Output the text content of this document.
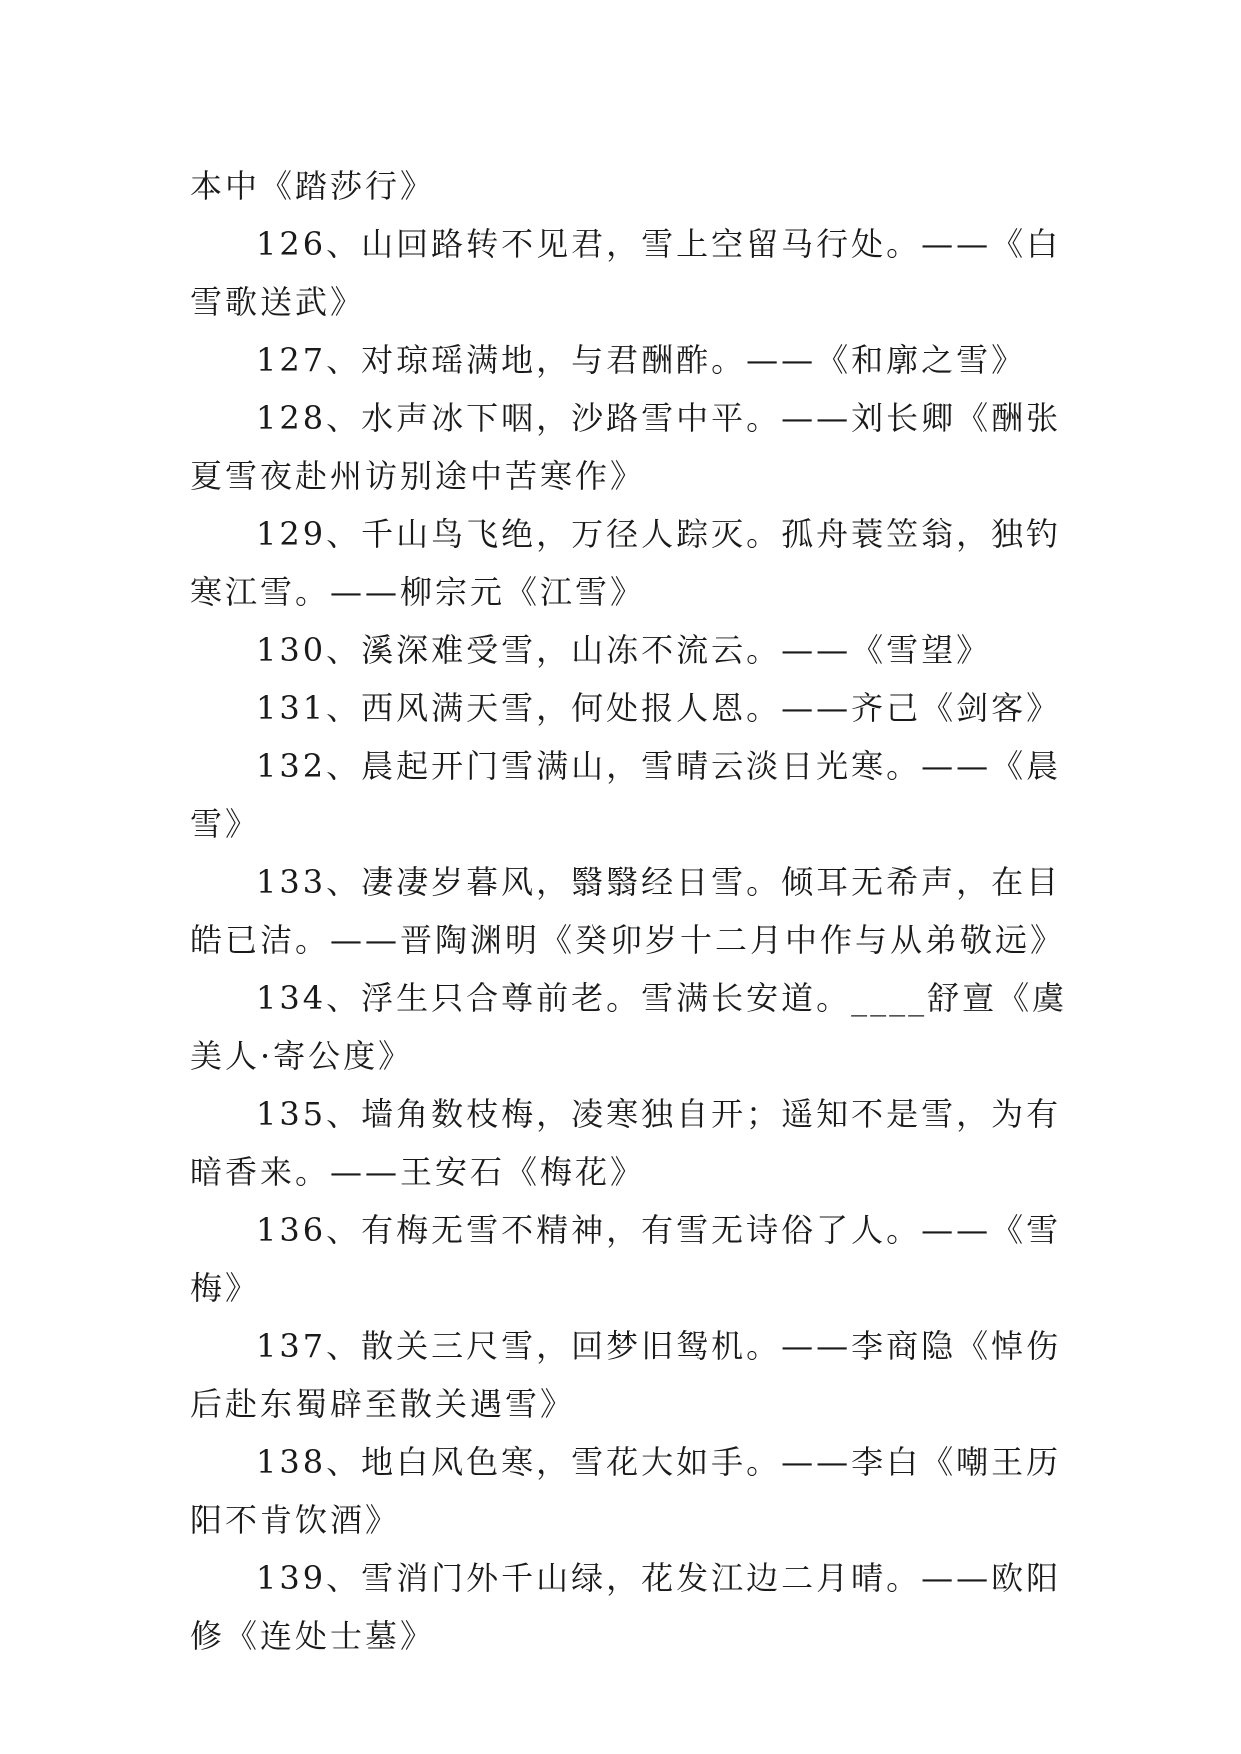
本中《踏莎行》

126、山回路转不见君，雪上空留马行处。——《白雪歌送武》

127、对琼瑶满地，与君酬酢。——《和廓之雪》

128、水声冰下咽，沙路雪中平。——刘长卿《酬张夏雪夜赴州访别途中苦寒作》

129、千山鸟飞绝，万径人踪灭。孤舟蓑笠翁，独钓寒江雪。——柳宗元《江雪》

130、溪深难受雪，山冻不流云。——《雪望》

131、西风满天雪，何处报人恩。——齐己《剑客》

132、晨起开门雪满山，雪晴云淡日光寒。——《晨雪》

133、凄凄岁暮风，翳翳经日雪。倾耳无希声，在目皓已洁。——晋陶渊明《癸卯岁十二月中作与从弟敬远》

134、浮生只合尊前老。雪满长安道。____舒亶《虞美人·寄公度》

135、墙角数枝梅，凌寒独自开；遥知不是雪，为有暗香来。——王安石《梅花》

136、有梅无雪不精神，有雪无诗俗了人。——《雪梅》

137、散关三尺雪，回梦旧鸳机。——李商隐《悼伤后赴东蜀辟至散关遇雪》

138、地白风色寒，雪花大如手。——李白《嘲王历阳不肯饮酒》

139、雪消门外千山绿，花发江边二月晴。——欧阳修《连处士墓》
